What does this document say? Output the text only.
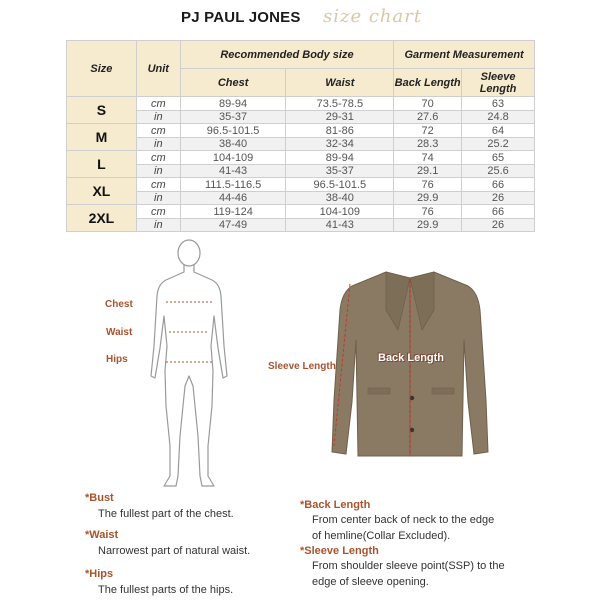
PJ PAUL JONES size chart
Size	Unit	Recommended Body size		Garment Measurement	
		Chest	Waist	Back Length	Sleeve Length
S	cm	89-94	73.5-78.5	70	63
	in	35-37	29-31	27.6	24.8
M	cm	96.5-101.5	81-86	72	64
	in	38-40	32-34	28.3	25.2
L	cm	104-109	89-94	74	65
	in	41-43	35-37	29.1	25.6
XL	cm	111.5-116.5	96.5-101.5	76	66
	in	44-46	38-40	29.9	26
2XL	cm	119-124	104-109	76	66
	in	47-49	41-43	29.9	26
Chest
Waist
Hips
Sleeve Length
Back Length
*Bust
The fullest part of the chest.
*Waist
Narrowest part of natural waist.
*Hips
The fullest parts of the hips.
*Back Length
From center back of neck to the edge
of hemline(Collar Excluded).
*Sleeve Length
From shoulder sleeve point(SSP) to the
edge of sleeve opening.
